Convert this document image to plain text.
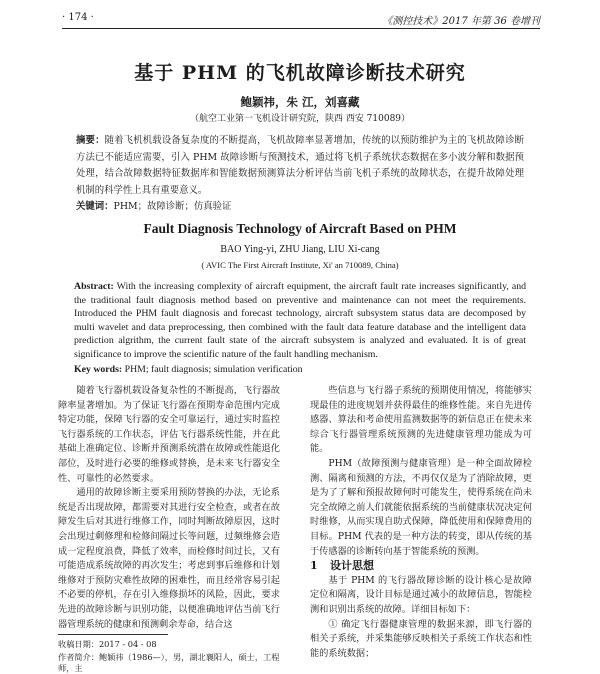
· 174 ·	《测控技术》2017 年第 36 卷增刊
基于 PHM 的飞机故障诊断技术研究
鲍颖祎，朱 江，刘喜藏
（航空工业第一飞机设计研究院，陕西 西安 710089）
摘要：随着飞机机载设备复杂度的不断提高，飞机故障率显著增加，传统的以预防维护为主的飞机故障诊断方法已不能适应需要，引入 PHM 故障诊断与预测技术，通过将飞机子系统状态数据在多小波分解和数据预处理，结合故障数据特征数据库和智能数据预测算法分析评估当前飞机子系统的故障状态，在提升故障处理机制的科学性上具有重要意义。
关键词：PHM；故障诊断；仿真验证
Fault Diagnosis Technology of Aircraft Based on PHM
BAO Ying-yi, ZHU Jiang, LIU Xi-cang
( AVIC The First Aircraft Institute, Xi' an 710089, China)
Abstract: With the increasing complexity of aircraft equipment, the aircraft fault rate increases significantly, and the traditional fault diagnosis method based on preventive and maintenance can not meet the requirements. Introduced the PHM fault diagnosis and forecast technology, aircraft subsystem status data are decomposed by multi wavelet and data preprocessing, then combined with the fault data feature database and the intelligent data prediction algrithm, the current fault state of the aircraft subsystem is analyzed and evaluated. It is of great significance to improve the scientific nature of the fault handling mechanism.
Key words: PHM; fault diagnosis; simulation verification

随着飞行器机载设备复杂性的不断提高，飞行器故障率显著增加。为了保证飞行器在预期寿命范围内完成特定功能，保障飞行器的安全可靠运行，通过实时监控飞行器系统的工作状态，评估飞行器系统性能，并在此基础上准确定位、诊断并预测系统潜在故障或性能退化部位，及时进行必要的维修或替换，是未来飞行器安全性、可靠性的必然要求。

通用的故障诊断主要采用预防替换的办法，无论系统是否出现故障，都需要对其进行安全检查，或者在故障发生后对其进行维修工作，同时判断故障原因，这时会出现过剩修理和检修间隔过长等问题，过频维修会造成一定程度浪费，降低了效率，而检修时间过长，又有可能造成系统故障的再次发生；考虑到事后维修和计划维修对于预防灾难性故障的困难性，而且经常容易引起不必要的停机，存在引入维修损坏的风险，因此，要求先进的故障诊断与识别功能，以便准确地评估当前飞行器管理系统的健康和预测剩余寿命，结合这

些信息与飞行器子系统的预期使用情况，将能够实现最佳的进度规划并获得最佳的维修性能。来自先进传感器、算法和考命使用监测数据等的新信息正在使未来综合飞行器管理系统预测的先进健康管理功能成为可能。

PHM（故障预测与健康管理）是一种全面故障检测、隔离和预测的方法，不再仅仅是为了消除故障，更是为了了解和预报故障何时可能发生，使得系统在尚未完全故障之前人们就能依据系统的当前健康状况决定何时维修，从而实现自助式保障，降低使用和保障费用的目标。PHM 代表的是一种方法的转变，即从传统的基于传感器的诊断转向基于智能系统的预测。

1 设计思想

基于 PHM 的飞行器故障诊断的设计核心是故障定位和隔离，设计目标是通过减小的故障信息，智能检测和识别出系统的故障。详细目标如下：

① 确定飞行器健康管理的数据来源，即飞行器的相关子系统，并采集能够反映相关子系统工作状态和性能的系统数据；

收稿日期：2017 - 04 - 08
作者简介：鲍颖祎（1986—），男，湖北襄阳人，硕士，工程师，主
